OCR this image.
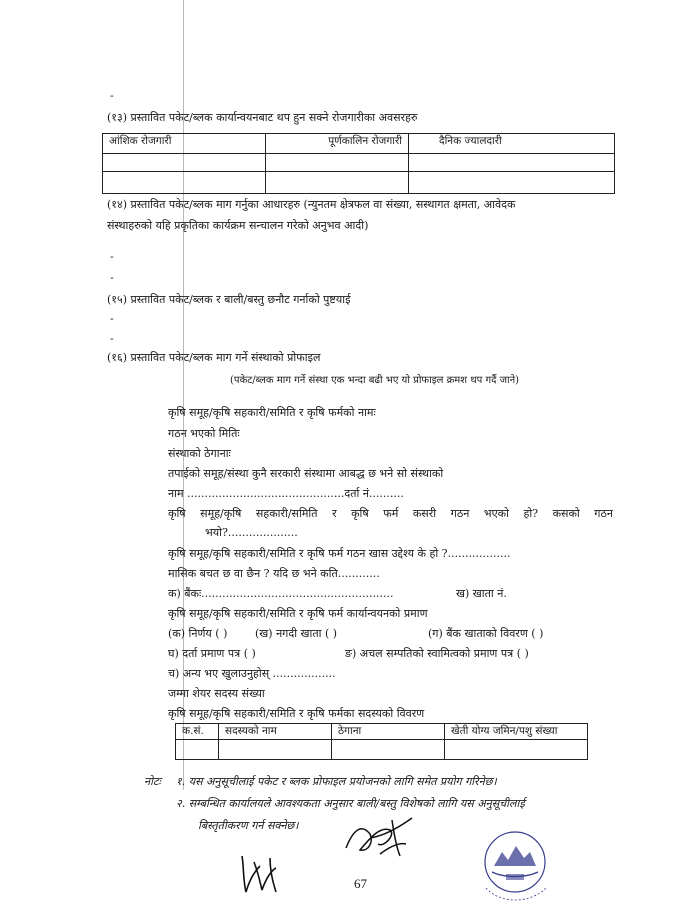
-
(१३) प्रस्तावित पकेट/ब्लक कार्यान्वयनबाट थप हुन सक्ने रोजगारीका अवसरहरु
आंशिक रोजगारी	पूर्णकालिन रोजगारी	दैनिक ज्यालदारी

(१४) प्रस्तावित पकेट/ब्लक माग गर्नुका आधारहरु (न्युनतम क्षेत्रफल वा संख्या, सस्थागत क्षमता, आवेदक
संस्थाहरुको यहि प्रकृतिका कार्यक्रम सन्चालन गरेको अनुभव आदी)
-
-
(१५) प्रस्तावित पकेट/ब्लक र बाली/बस्तु छनौट गर्नाको पुष्टयाई
-
-
(१६) प्रस्तावित पकेट/ब्लक माग गर्ने संस्थाको प्रोफाइल
(पकेट/ब्लक माग गर्ने संस्था एक भन्दा बढी भए यो प्रोफाइल क्रमश थप गर्दै जाने)
कृषि समूह/कृषि सहकारी/समिति र कृषि फर्मको नामः
गठन भएको मितिः
संस्थाको ठेगानाः
तपाईको समूह/संस्था कुनै सरकारी संस्थामा आबद्ध छ भने सो संस्थाको
नाम .............................................दर्ता नं..........
कृषि समूह/कृषि सहकारी/समिति र कृषि फर्म कसरी गठन भएको हो? कसको गठन
भयो?....................
कृषि समूह/कृषि सहकारी/समिति र कृषि फर्म गठन खास उद्देश्य के हो ?..................
मासिक बचत छ वा छैन ? यदि छ भने कति............
क) बैंकः.......................................................	ख) खाता नं.
कृषि समूह/कृषि सहकारी/समिति र कृषि फर्म कार्यान्वयनको प्रमाण
(क) निर्णय ( )	(ख) नगदी खाता ( )	(ग) बैंक खाताको विवरण ( )
घ) दर्ता प्रमाण पत्र ( )	ङ) अचल सम्पतिको स्वामित्वको प्रमाण पत्र ( )
च) अन्य भए खुलाउनुहोस् ..................
जम्मा शेयर सदस्य संख्या
कृषि समूह/कृषि सहकारी/समिति र कृषि फर्मका सदस्यको विवरण
क.सं.	सदस्यको नाम	ठेगाना	खेती योग्य जमिन/पशु संख्या

नोटः १. यस अनुसूचीलाई पकेट र ब्लक प्रोफाइल प्रयोजनको लागि समेत प्रयोग गरिनेछ।
२. सम्बन्धित कार्यालयले आवश्यकता अनुसार बाली/बस्तु विशेषको लागि यस अनुसूचीलाई
बिस्तृतीकरण गर्न सक्नेछ।
67
